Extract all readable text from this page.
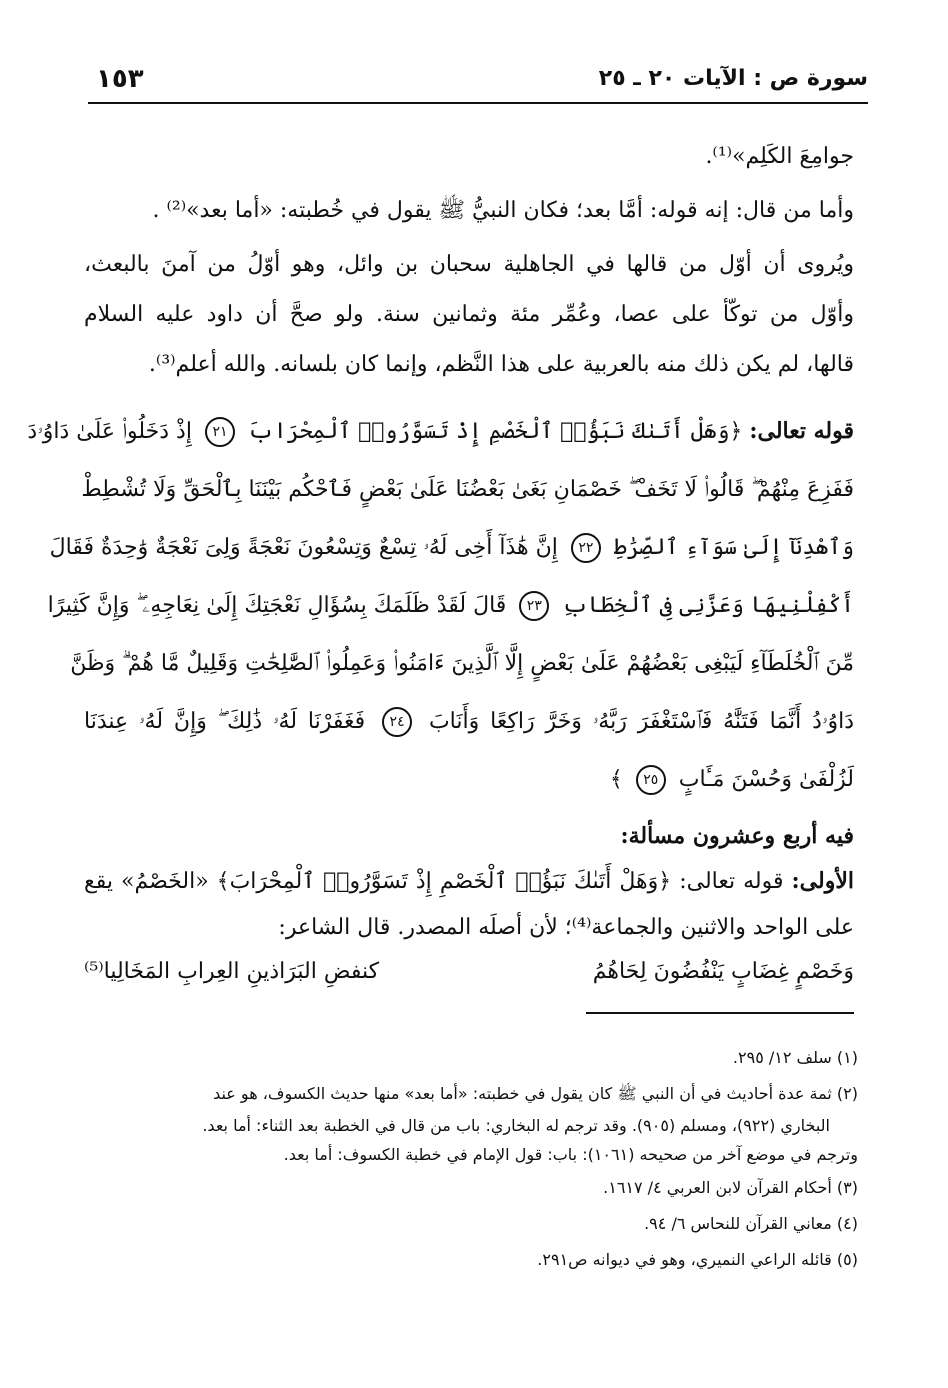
سورة ص : الآيات ٢٠ ـ ٢٥
١٥٣

جوامِعَ الكَلِم»⁽¹⁾.

وأما من قال: إنه قوله: أمَّا بعد؛ فكان النبيُّ ﷺ يقول في خُطبته: «أما بعد»⁽²⁾ .

ويُروى أن أوّل من قالها في الجاهلية سحبان بن وائل، وهو أوّلُ من آمنَ بالبعث،

وأوّل من توكّأ على عصا، وعُمِّر مئة وثمانين سنة. ولو صحَّ أن داود عليه السلام

قالها، لم يكن ذلك منه بالعربية على هذا النَّظم، وإنما كان بلسانه. والله أعلم⁽³⁾.

قوله تعالى: ﴿وَهَلْ أَتَىٰكَ نَبَؤُا۟ ٱلْخَصْمِ إِذْ تَسَوَّرُوا۟ ٱلْمِحْرَابَ ٢١ إِذْ دَخَلُوا۟ عَلَىٰ دَاوُۥدَ
فَفَزِعَ مِنْهُمْ ۖ قَالُوا۟ لَا تَخَفْ ۖ خَصْمَانِ بَغَىٰ بَعْضُنَا عَلَىٰ بَعْضٍ فَٱحْكُم بَيْنَنَا بِٱلْحَقِّ وَلَا تُشْطِطْ
وَٱهْدِنَآ إِلَىٰ سَوَآءِ ٱلصِّرَٰطِ ٢٢ إِنَّ هَٰذَآ أَخِى لَهُۥ تِسْعٌ وَتِسْعُونَ نَعْجَةً وَلِىَ نَعْجَةٌ وَٰحِدَةٌ فَقَالَ
أَكْفِلْنِيهَا وَعَزَّنِى فِى ٱلْخِطَابِ ٢٣ قَالَ لَقَدْ ظَلَمَكَ بِسُؤَالِ نَعْجَتِكَ إِلَىٰ نِعَاجِهِۦ ۖ وَإِنَّ كَثِيرًا
مِّنَ ٱلْخُلَطَآءِ لَيَبْغِى بَعْضُهُمْ عَلَىٰ بَعْضٍ إِلَّا ٱلَّذِينَ ءَامَنُوا۟ وَعَمِلُوا۟ ٱلصَّٰلِحَٰتِ وَقَلِيلٌ مَّا هُمْ ۗ وَظَنَّ
دَاوُۥدُ أَنَّمَا فَتَنَّٰهُ فَٱسْتَغْفَرَ رَبَّهُۥ وَخَرَّ رَاكِعًا وَأَنَابَ ٢٤ فَغَفَرْنَا لَهُۥ ذَٰلِكَ ۖ وَإِنَّ لَهُۥ عِندَنَا
لَزُلْفَىٰ وَحُسْنَ مَـَٔابٍ ٢٥ ﴾
فيه أربع وعشرون مسألة:
الأولى: قوله تعالى: ﴿وَهَلْ أَتَىٰكَ نَبَؤُا۟ ٱلْخَصْمِ إِذْ تَسَوَّرُوا۟ ٱلْمِحْرَابَ﴾ «الخَصْمُ» يقع
على الواحد والاثنين والجماعة⁽⁴⁾؛ لأن أصلَه المصدر. قال الشاعر:
وَخَصْمٍ غِضَابٍ يَنْفُضُونَ لِحَاهُمُ
كنفضِ البَرَاذينِ العِرابِ المَخَالِيا⁽⁵⁾

(١) سلف ١٢/ ٢٩٥.

(٢) ثمة عدة أحاديث في أن النبي ﷺ كان يقول في خطبته: «أما بعد» منها حديث الكسوف، هو عند

البخاري (٩٢٢)، ومسلم (٩٠٥). وقد ترجم له البخاري: باب من قال في الخطبة بعد الثناء: أما بعد.

وترجم في موضع آخر من صحيحه (١٠٦١): باب: قول الإمام في خطبة الكسوف: أما بعد.

(٣) أحكام القرآن لابن العربي ٤/ ١٦١٧.

(٤) معاني القرآن للنحاس ٦/ ٩٤.

(٥) قائله الراعي النميري، وهو في ديوانه ص٢٩١.
